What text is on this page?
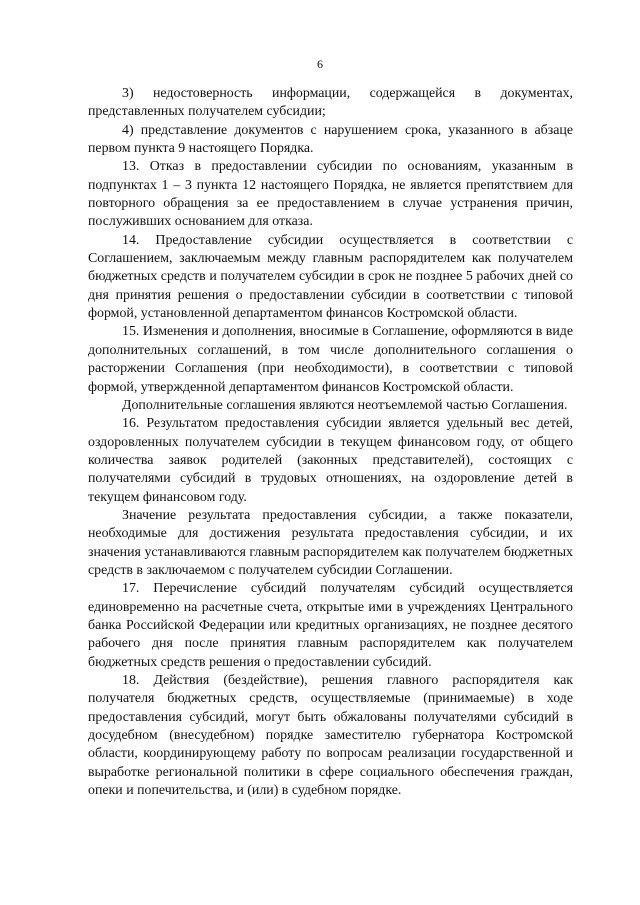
6

3) недостоверность информации, содержащейся в документах, представленных получателем субсидии;

4) представление документов с нарушением срока, указанного в абзаце первом пункта 9 настоящего Порядка.

13. Отказ в предоставлении субсидии по основаниям, указанным в подпунктах 1 – 3 пункта 12 настоящего Порядка, не является препятствием для повторного обращения за ее предоставлением в случае устранения причин, послуживших основанием для отказа.

14. Предоставление субсидии осуществляется в соответствии с Соглашением, заключаемым между главным распорядителем как получателем бюджетных средств и получателем субсидии в срок не позднее 5 рабочих дней со дня принятия решения о предоставлении субсидии в соответствии с типовой формой, установленной департаментом финансов Костромской области.

15. Изменения и дополнения, вносимые в Соглашение, оформляются в виде дополнительных соглашений, в том числе дополнительного соглашения о расторжении Соглашения (при необходимости), в соответствии с типовой формой, утвержденной департаментом финансов Костромской области.

Дополнительные соглашения являются неотъемлемой частью Соглашения.

16. Результатом предоставления субсидии является удельный вес детей, оздоровленных получателем субсидии в текущем финансовом году, от общего количества заявок родителей (законных представителей), состоящих с получателями субсидий в трудовых отношениях, на оздоровление детей в текущем финансовом году.

Значение результата предоставления субсидии, а также показатели, необходимые для достижения результата предоставления субсидии, и их значения устанавливаются главным распорядителем как получателем бюджетных средств в заключаемом с получателем субсидии Соглашении.

17. Перечисление субсидий получателям субсидий осуществляется единовременно на расчетные счета, открытые ими в учреждениях Центрального банка Российской Федерации или кредитных организациях, не позднее десятого рабочего дня после принятия главным распорядителем как получателем бюджетных средств решения о предоставлении субсидий.

18. Действия (бездействие), решения главного распорядителя как получателя бюджетных средств, осуществляемые (принимаемые) в ходе предоставления субсидий, могут быть обжалованы получателями субсидий в досудебном (внесудебном) порядке заместителю губернатора Костромской области, координирующему работу по вопросам реализации государственной и выработке региональной политики в сфере социального обеспечения граждан, опеки и попечительства, и (или) в судебном порядке.
